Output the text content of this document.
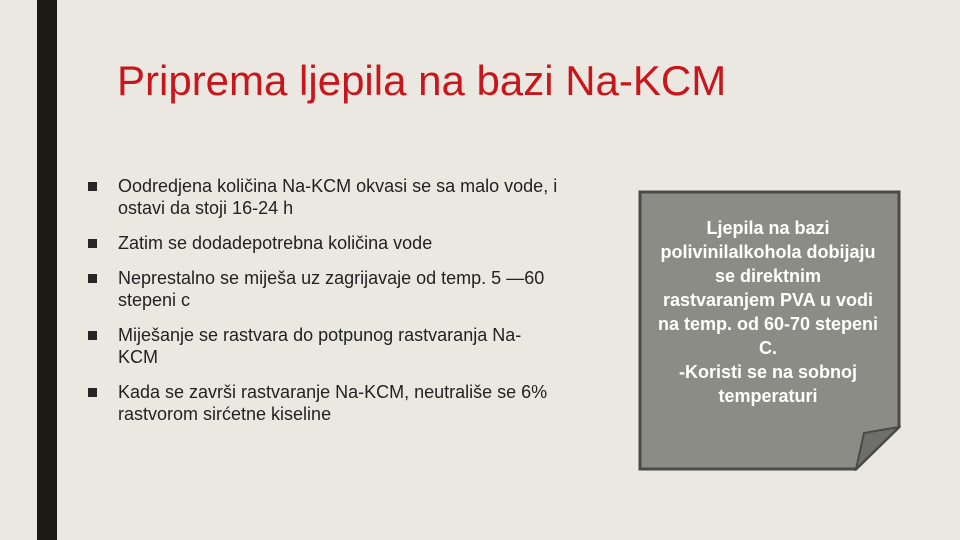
Priprema ljepila na bazi Na-KCM
Oodredjena količina Na-KCM okvasi se sa malo vode, i ostavi da stoji 16-24 h
Zatim se dodadepotrebna količina vode
Neprestalno se miješa uz zagrijavaje od temp. 5 —60 stepeni c
Miješanje se rastvara do potpunog rastvaranja Na-KCM
Kada se završi rastvaranje Na-KCM, neutrališe se 6% rastvorom sirćetne kiseline

Ljepila na bazi
polivinilalkohola dobijaju
se direktnim
rastvaranjem PVA u vodi
na temp. od 60-70 stepeni
C.
-Koristi se na sobnoj
temperaturi
